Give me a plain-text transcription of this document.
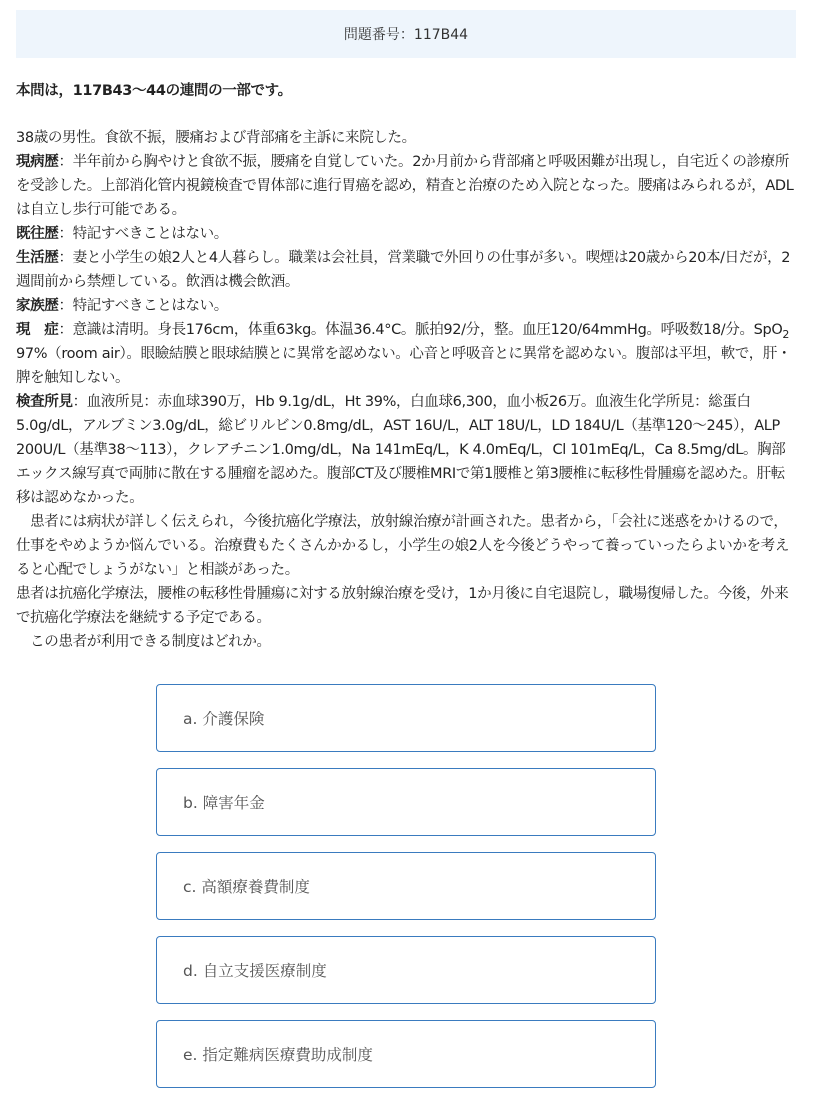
問題番号：117B44

本問は，117B43〜44の連問の一部です。

38歳の男性。食欲不振，腰痛および背部痛を主訴に来院した。

現病歴：半年前から胸やけと食欲不振，腰痛を自覚していた。2か月前から背部痛と呼吸困難が出現し，自宅近くの診療所を受診した。上部消化管内視鏡検査で胃体部に進行胃癌を認め，精査と治療のため入院となった。腰痛はみられるが，ADLは自立し歩行可能である。

既往歴：特記すべきことはない。

生活歴：妻と小学生の娘2人と4人暮らし。職業は会社員，営業職で外回りの仕事が多い。喫煙は20歳から20本/日だが，2週間前から禁煙している。飲酒は機会飲酒。

家族歴：特記すべきことはない。

現　症：意識は清明。身長176cm，体重63kg。体温36.4°C。脈拍92/分，整。血圧120/64mmHg。呼吸数18/分。SpO$_2$ 97%（room air）。眼瞼結膜と眼球結膜とに異常を認めない。心音と呼吸音とに異常を認めない。腹部は平坦，軟で，肝・脾を触知しない。

検査所見：血液所見：赤血球390万，Hb 9.1g/dL，Ht 39%，白血球6,300，血小板26万。血液生化学所見：総蛋白5.0g/dL，アルブミン3.0g/dL，総ビリルビン0.8mg/dL，AST 16U/L，ALT 18U/L，LD 184U/L（基準120〜245），ALP 200U/L（基準38〜113），クレアチニン1.0mg/dL，Na 141mEq/L，K 4.0mEq/L，Cl 101mEq/L，Ca 8.5mg/dL。胸部エックス線写真で両肺に散在する腫瘤を認めた。腹部CT及び腰椎MRIで第1腰椎と第3腰椎に転移性骨腫瘍を認めた。肝転移は認めなかった。

　患者には病状が詳しく伝えられ，今後抗癌化学療法，放射線治療が計画された。患者から，「会社に迷惑をかけるので，仕事をやめようか悩んでいる。治療費もたくさんかかるし，小学生の娘2人を今後どうやって養っていったらよいかを考えると心配でしょうがない」と相談があった。

患者は抗癌化学療法，腰椎の転移性骨腫瘍に対する放射線治療を受け，1か月後に自宅退院し，職場復帰した。今後，外来で抗癌化学療法を継続する予定である。

　この患者が利用できる制度はどれか。

a. 介護保険
b. 障害年金
c. 高額療養費制度
d. 自立支援医療制度
e. 指定難病医療費助成制度
